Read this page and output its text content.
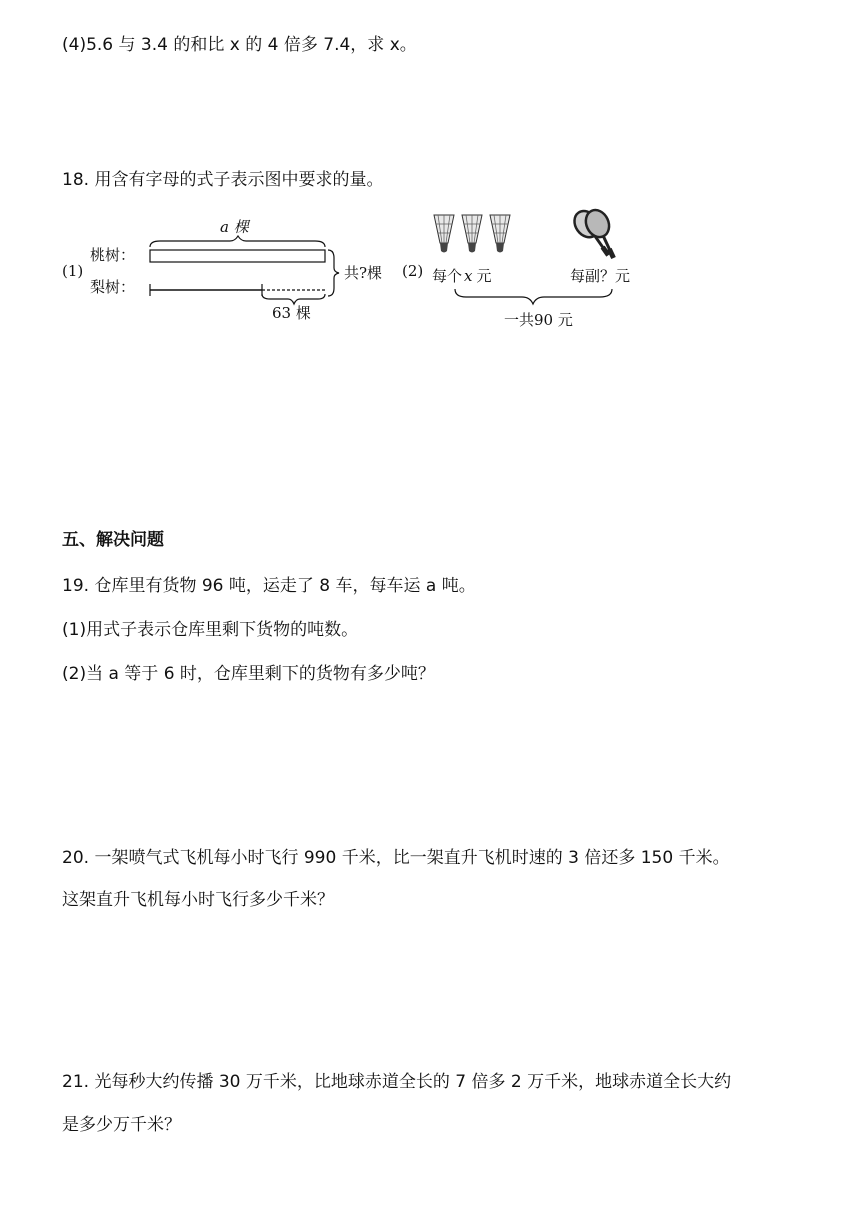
(4)5.6 与 3.4 的和比 x 的 4 倍多 7.4，求 x。
18. 用含有字母的式子表示图中要求的量。
(1)
桃树：
梨树：
a 棵
63 棵
共?棵 (2) 每个 x 元	每副？元
一共90 元
五、解决问题
19. 仓库里有货物 96 吨，运走了 8 车，每车运 a 吨。
(1)用式子表示仓库里剩下货物的吨数。
(2)当 a 等于 6 时，仓库里剩下的货物有多少吨？
20. 一架喷气式飞机每小时飞行 990 千米，比一架直升飞机时速的 3 倍还多 150 千米。
这架直升飞机每小时飞行多少千米？
21. 光每秒大约传播 30 万千米，比地球赤道全长的 7 倍多 2 万千米，地球赤道全长大约
是多少万千米？
